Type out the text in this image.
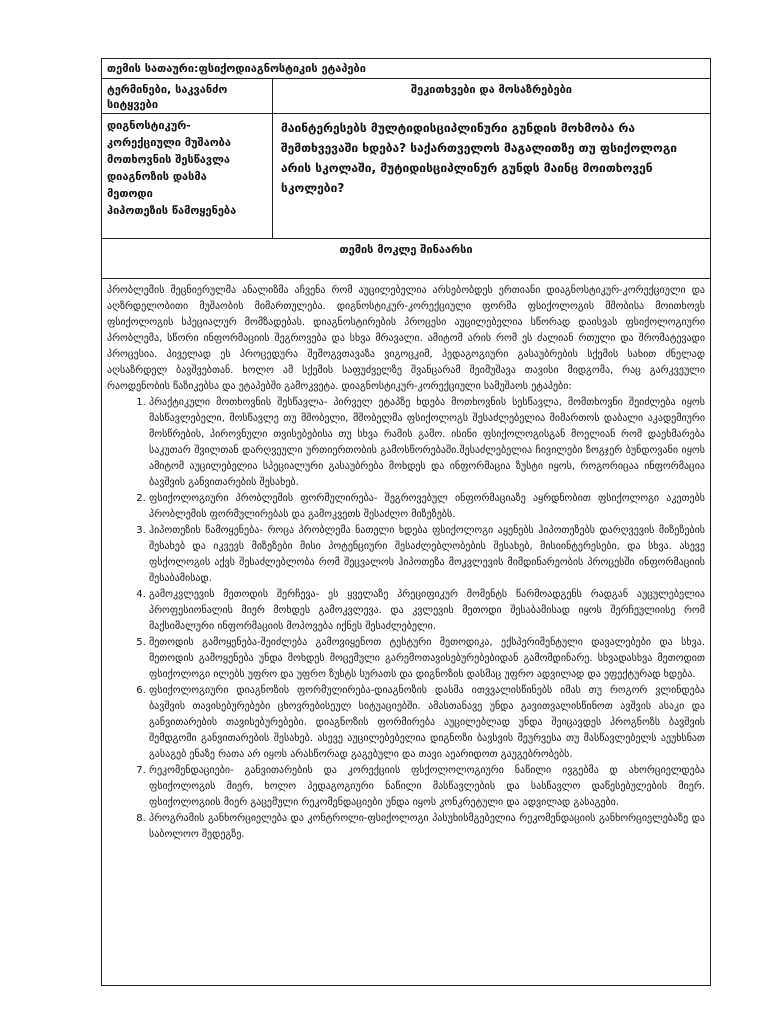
თემის სათაური:ფსიქოდიაგნოსტიკის ეტაპები
ტერმინები, საკვანძო სიტყვები
შეკითხვები და მოსაზრებები
დიგნოსტიკურ-
კორექციული მუშაობა
მოთხოვნის შესწავლა
დიაგნოზის დასმა
მეთოდი
ჰიპოთეზის წამოყენება
მაინტერესებს მულტიდისციპლინური გუნდის მოხმობა რა შემთხვევაში ხდება? საქართველოს მაგალითზე თუ ფსიქოლოგი არის სკოლაში, მუტიდისციპლინურ გუნდს მაინც მოითხოვენ სკოლები?
თემის მოკლე შინაარსი

პრობლემის მეცნიერულმა ანალიზმა აჩვენა რომ აუცილებელია არსებობდეს ერთიანი დიაგნოსტიკურ-კორექციული და აღზრდელობითი მუშაობის მიმართულება. დიგნოსტიკურ-კორექციული ფორმა ფსიქოლოგის მშობისა მოითხოვს ფსიქოლოგის სპეციალურ მომზადებას. დიაგნოსტირების პროცესი აუცილებელია სწორად დაისვას ფსიქოლოგიური პრობლემა, სწორი ინფორმაციის შეგროვება და სხვა მრავალი. ამიტომ არის რომ ეს ძალიან რთული და შრომატევადი პროცესია. პიველად ეს პროცედურა შემოგვთავაზა ვიგოცკიმ, პედაგოგიური გასაუბრების სქემის სახით ძნელად აღსაზრდელ ბავშვებთან. ხოლო ამ სქემის საფუძველზე შვანცარამ შეიმუშავა თავისი მიდგომა, რაც გარკვეული რაოდენობის წაზიკებსა და ეტაპებში გამოკვეტა. დიაგნოსტიკურ-კორექციული სამუშაოს ეტაპები:

1. პრაქტიკული მოთხოვნის შესწავლა- პირველ ეტაპზე ხდება მოთხოვნის სესწავლა, მომთხოვნი შეიძლება იყოს მასწავლებელი, მოსწავლე თუ მშობელი, მშობელმა ფსიქოლოგს შესაძლებელია მიმართოს დაბალი აკადემიური მოსწრების, პიროვნული თვისებებისა თუ სხვა რამის გამო. ისინი ფსიქოლოგისგან მოელიან რომ დაეხმარება საკუთარ შვილთან დარღვეული ურთიერთობის გამოსწორებაში.შესაძლებელია ჩივილები ზოგჯერ ბუნდოვანი იყოს ამიტომ აუცილებელია სპეციალური გასაუბრება მოხდეს და ინფორმაცია ზუსტი იყოს, როგორიცაა ინფორმაცია ბავშვის განვითარების შესახებ.
2. ფსიქოლოგიური პრობლემის ფორმულირება- შეგროვებულ ინფორმაციაზე აყრდნობით ფსიქოლოგი აკეთებს პრობლემის ფორმულირებას და გამოკვეთს შესაძლო მიზეზებს.
3. ჰიპოთეზის წამოყენება- როცა პრობლემა ნათელი ხდება ფსიქოლოგი აყენებს ჰიპოთეზებს დარღვევის მიზეზების შესახებ და იკვევს მიზეზები მისი პოტენციური შესაძლებლობების შესახებ, მისიინტერესები, და სხვა. ასევე ფსქოლოგის აქვს შესაძლებლობა რომ შეცვალოს ჰიპოთეზა მოკვლევის მიმდინარეობის პროცესში ინფორმაციის შესაბამისად.
4. გამოკვლევის მეთოდის შერჩევა- ეს ყველაზე პრეციფიკურ მომენტს წარმოადგენს რადგან აუცულებელია პროფესიონალის მიერ მოხდეს გამოკვლევა. და კვლევის მეთოდი შესაბამისად იყოს შერჩეულიისე რომ მაქსიმალური ინფორმაციის მოპოვება იქნეს შესაძლებელი.
5. მეთოდის გამოყენება-შეიძლება გამოვიყენოთ ტესტური მეთოდიკა, ექსპერიმენტული დავალებები და სხვა. მეთოდის გამოყენება უნდა მოხდეს მოცემული გარემოთავისებურებებიდან გამომდინარე. სხვადასხვა მეთოდით ფსიქოლოგი ილებს უფრო და უფრო ზუსტს სურათს და დიგნოზის დასმაც უფრო ადვილად და ეფექტურად ხდება.
6. ფსიქოლოგიური დიაგნოზის ფორმულირება-დიაგნოზის დასმა ითვვალისწინებს იმას თუ როგორ ვლინდება ბავშვის თავისებურებები ცხოვრებისეულ სიტუაციებში. ამასთანავე უნდა გავითვალისწინოთ ავშვის ასაკი და განვითარების თავისებურებები. დიაგნოზის ფორმირება აუცილებლად უნდა შეიცავდეს პროგნოზს ბავშვის შემდგომი განვითარების შესახებ. ასევე აუცილებებელია დიგნოზი ბავსვის მეურვესა თუ მასწავლებელს აეუხსნათ გასაგებ ენაზე რათა არ იყოს არასწორად გაგებული და თავი აეარიდოთ გაუგებრობებს.
7. რეკომენდაციები- განვითარების და კორექციის ფსქოლოლოგიური ნაწილი ივგებმა დ ახორციელდება ფსიქოლოგის მიერ, ხოლო პედაგოგიური ნაწილი მასწავლების და სასწავლო დაწესებულების მიერ. ფსიქოლოგიის მიერ გაცემული რეკომენდაციები უნდა იყოს კონკრეტული და ადვილად გასაგები.
8. პროგრამის განხორციელება და კონტროლი-ფსიქოლოგი პასუხისმგებელია რეკომენდაციის განხორციელებაზე და საბოლოო შედეგზე.
